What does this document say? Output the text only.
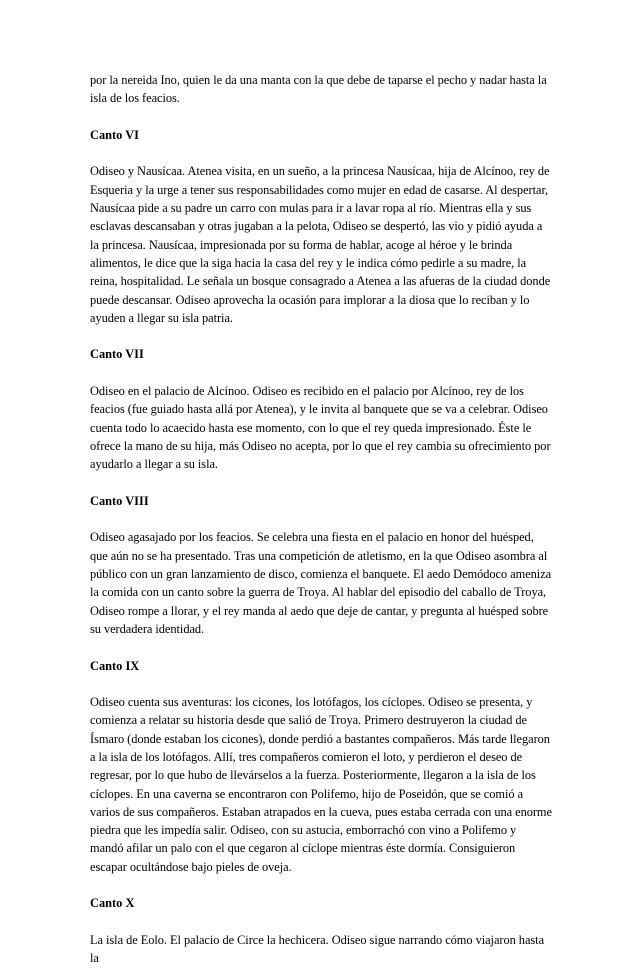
por la nereida Ino, quien le da una manta con la que debe de taparse el pecho y nadar hasta la isla de los feacios.

Canto VI

Odiseo y Nausícaa. Atenea visita, en un sueño, a la princesa Nausícaa, hija de Alcínoo, rey de Esqueria y la urge a tener sus responsabilidades como mujer en edad de casarse. Al despertar, Nausícaa pide a su padre un carro con mulas para ir a lavar ropa al río. Mientras ella y sus esclavas descansaban y otras jugaban a la pelota, Odiseo se despertó, las vio y pidió ayuda a la princesa. Nausícaa, impresionada por su forma de hablar, acoge al héroe y le brinda alimentos, le dice que la siga hacia la casa del rey y le indica cómo pedirle a su madre, la reina, hospitalidad. Le señala un bosque consagrado a Atenea a las afueras de la ciudad donde puede descansar. Odiseo aprovecha la ocasión para implorar a la diosa que lo reciban y lo ayuden a llegar su isla patria.

Canto VII

Odiseo en el palacio de Alcínoo. Odiseo es recibido en el palacio por Alcínoo, rey de los feacios (fue guiado hasta allá por Atenea), y le invita al banquete que se va a celebrar. Odiseo cuenta todo lo acaecido hasta ese momento, con lo que el rey queda impresionado. Éste le ofrece la mano de su hija, más Odiseo no acepta, por lo que el rey cambia su ofrecimiento por ayudarlo a llegar a su isla.

Canto VIII

Odiseo agasajado por los feacios. Se celebra una fiesta en el palacio en honor del huésped, que aún no se ha presentado. Tras una competición de atletismo, en la que Odiseo asombra al público con un gran lanzamiento de disco, comienza el banquete. El aedo Demódoco ameniza la comida con un canto sobre la guerra de Troya. Al hablar del episodio del caballo de Troya, Odiseo rompe a llorar, y el rey manda al aedo que deje de cantar, y pregunta al huésped sobre su verdadera identidad.

Canto IX

Odiseo cuenta sus aventuras: los cicones, los lotófagos, los cíclopes. Odiseo se presenta, y comienza a relatar su historia desde que salió de Troya. Primero destruyeron la ciudad de Ísmaro (donde estaban los cicones), donde perdió a bastantes compañeros. Más tarde llegaron a la isla de los lotófagos. Allí, tres compañeros comieron el loto, y perdieron el deseo de regresar, por lo que hubo de llevárselos a la fuerza. Posteriormente, llegaron a la isla de los cíclopes. En una caverna se encontraron con Polifemo, hijo de Poseidón, que se comió a varios de sus compañeros. Estaban atrapados en la cueva, pues estaba cerrada con una enorme piedra que les impedía salir. Odiseo, con su astucia, emborrachó con vino a Polifemo y mandó afilar un palo con el que cegaron al cíclope mientras éste dormía. Consiguieron escapar ocultándose bajo pieles de oveja.

Canto X

La isla de Eolo. El palacio de Circe la hechicera. Odiseo sigue narrando cómo viajaron hasta la
